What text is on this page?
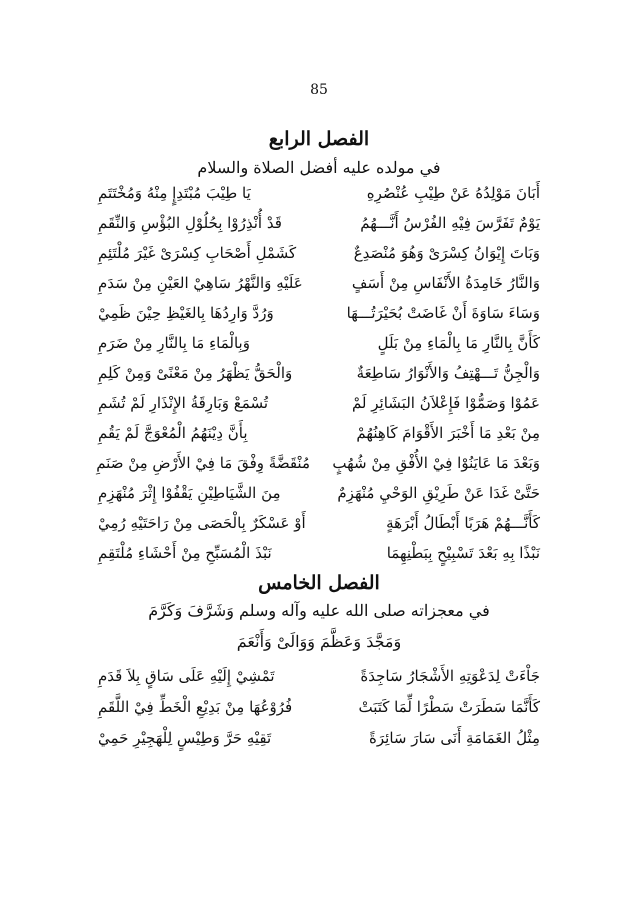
85
الفصل الرابع
في مولده عليه أفضل الصلاة والسلام
أَبَانَ مَوْلِدُهُ عَنْ طِيْبِ عُنْصُرِهِ
يَا طِيْبَ مُبْتَدِإٍ مِنْهُ وَمُخْتَتَمِ
يَوْمٌ تَفَرَّسَ فِيْهِ الفُرْسُ أَنَّـــهُمُ
قَدْ أُنْذِرُوْا بِحُلُوْلِ البُؤْسِ وَالنِّقَمِ
وَبَاتَ إِيْوَانُ كِسْرَىْ وَهُوَ مُنْصَدِعٌ
كَشَمْلِ أَصْحَابِ كِسْرَىْ غَيْرَ مُلْتَئِمِ
وَالنَّارُ خَامِدَةُ الأَنْفَاسِ مِنْ أَسَفٍ
عَلَيْهِ وَالنَّهْرُ سَاهِيْ العَيْنِ مِنْ سَدَمِ
وَسَاءَ سَاوَةَ أَنْ غَاضَتْ بُحَيْرَتُـــهَا
وَرُدَّ وَارِدُهَا بِالغَيْظِ حِيْنَ ظَمِيْ
كَأَنَّ بِالنَّارِ مَا بِالْمَاءِ مِنْ بَلَلٍ
وَبِالْمَاءِ مَا بِالنَّارِ مِنْ ضَرَمِ
وَالْجِنُّ تَـــهْتِفُ وَالأَنْوَارُ سَاطِعَةٌ
وَالْحَقُّ يَظْهَرُ مِنْ مَعْنًىْ وَمِنْ كَلِمِ
عَمُوْا وَصَمُّوْا فَإِعْلاَنُ البَشَائِرِ لَمْ
تُسْمَعْ وَبَارِقَةُ الإِنْذَارِ لَمْ تُشَمِ
مِنْ بَعْدِ مَا أَخْبَرَ الأَقْوَامَ كَاهِنُهُمْ
بِأَنَّ دِيْنَهُمُ الْمُعْوَجَّ لَمْ يَقُمِ
وَبَعْدَ مَا عَايَنُوْا فِيْ الأُفْقِ مِنْ شُهُبٍ
مُنْقَضَّةً وِفْقَ مَا فِيْ الأَرْضِ مِنْ صَنَمِ
حَتَّىْ غَدَا عَنْ طَرِيْقِ الوَحْيِ مُنْهَزِمٌ
مِنَ الشَّيَاطِيْنِ يَقْفُوْا إِثْرَ مُنْهَزِمِ
كَأَنَّـــهُمْ هَرَبًا أَبْطَالُ أَبْرَهَةٍ
أَوْ عَسْكَرٌ بِالْحَصَى مِنْ رَاحَتَيْهِ رُمِيْ
نَبْذًا بِهِ بَعْدَ تَسْبِيْحٍ بِبَطْنِهِمَا
نَبْذَ الْمُسَبِّحِ مِنْ أَحْشَاءِ مُلْتَقِمِ
الفصل الخامس
في معجزاته صلى الله عليه وآله وسلم وَشَرَّفَ وَكَرَّمَ
وَمَجَّدَ وَعَظَّمَ وَوَالَىْ وَأَنْعَمَ
جَاْءَتْ لِدَعْوَتِهِ الأَشْجَارُ سَاجِدَةً
تَمْشِيْ إِلَيْهِ عَلَى سَاقٍ بِلاَ قَدَمِ
كَأَنَّمَا سَطَرَتْ سَطْرًا لِّمَا كَتَبَتْ
فُرُوْعُهَا مِنْ بَدِيْعِ الْخَطِّ فِيْ اللَّقَمِ
مِثْلُ الغَمَامَةِ أَنَى سَارَ سَائِرَةً
تَقِيْهِ حَرَّ وَطِيْسٍ لِلْهَجِيْرِ حَمِيْ
